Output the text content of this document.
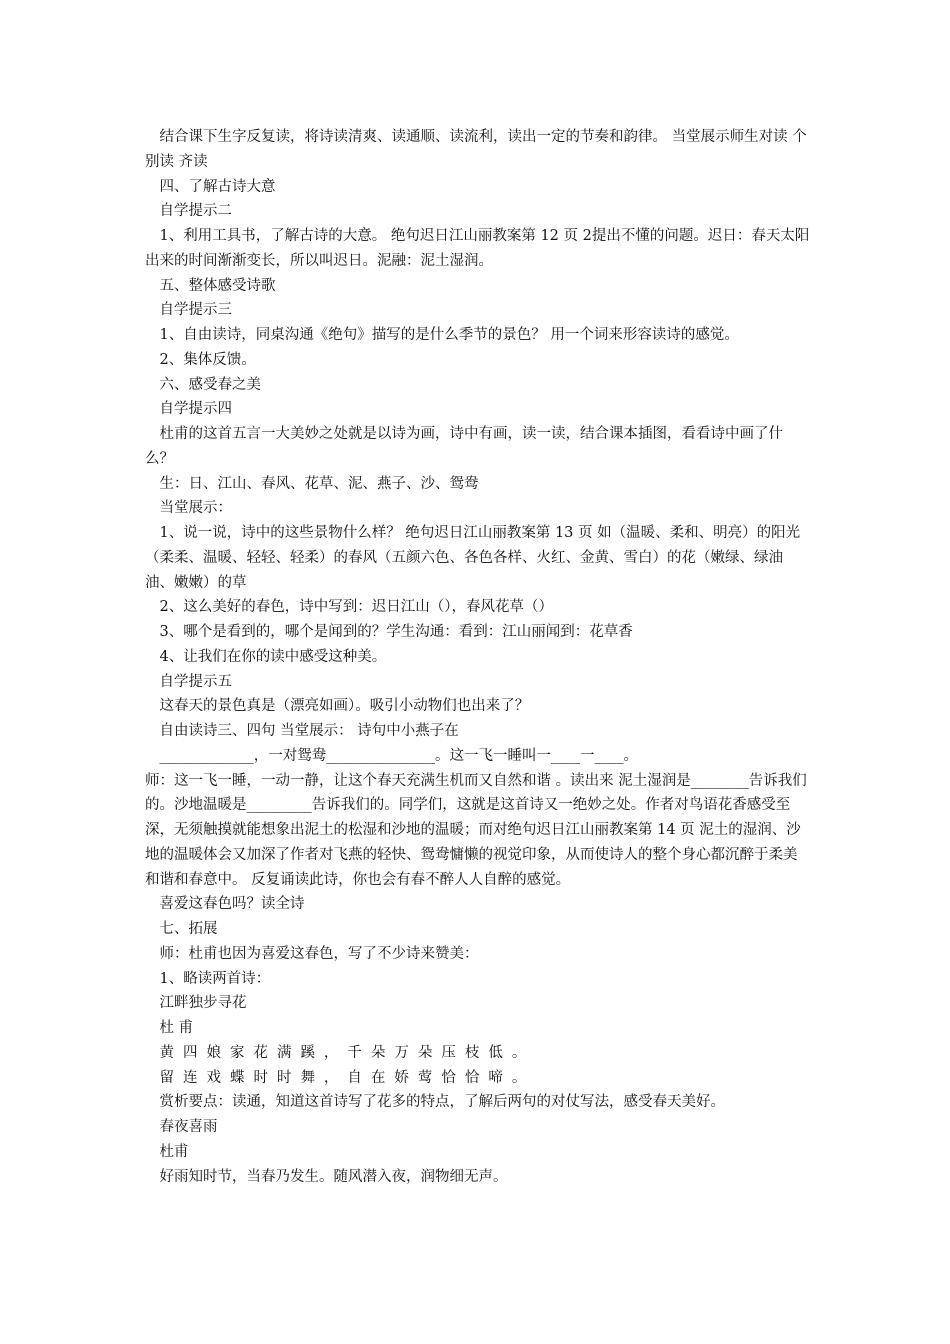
结合课下生字反复读，将诗读清爽、读通顺、读流利，读出一定的节奏和韵律。 当堂展示师生对读 个别读 齐读

四、了解古诗大意

自学提示二

1、利用工具书，了解古诗的大意。 绝句迟日江山丽教案第 12 页 2提出不懂的问题。迟日：春天太阳出来的时间渐渐变长，所以叫迟日。泥融：泥土湿润。

五、整体感受诗歌

自学提示三

1、自由读诗，同桌沟通《绝句》描写的是什么季节的景色？ 用一个词来形容读诗的感觉。

2、集体反馈。

六、感受春之美

自学提示四

杜甫的这首五言一大美妙之处就是以诗为画，诗中有画，读一读，结合课本插图，看看诗中画了什么？

生：日、江山、春风、花草、泥、燕子、沙、鸳鸯

当堂展示：

1、说一说，诗中的这些景物什么样？ 绝句迟日江山丽教案第 13 页 如（温暖、柔和、明亮）的阳光（柔柔、温暖、轻轻、轻柔）的春风（五颜六色、各色各样、火红、金黄、雪白）的花（嫩绿、绿油油、嫩嫩）的草

2、这么美好的春色，诗中写到：迟日江山（），春风花草（）

3、哪个是看到的，哪个是闻到的？学生沟通：看到：江山丽闻到：花草香

4、让我们在你的读中感受这种美。

自学提示五

这春天的景色真是（漂亮如画）。吸引小动物们也出来了？

自由读诗三、四句 当堂展示： 诗句中小燕子在

_____________，一对鸳鸯_______________。这一飞一睡叫一____一____。

师：这一飞一睡，一动一静，让这个春天充满生机而又自然和谐 。读出来 泥土湿润是________告诉我们的。沙地温暖是_________告诉我们的。同学们，这就是这首诗又一绝妙之处。作者对鸟语花香感受至深，无须触摸就能想象出泥土的松湿和沙地的温暖；而对绝句迟日江山丽教案第 14 页 泥土的湿润、沙地的温暖体会又加深了作者对飞燕的轻快、鸳鸯慵懒的视觉印象，从而使诗人的整个身心都沉醉于柔美和谐和春意中。 反复诵读此诗，你也会有春不醉人人自醉的感觉。

喜爱这春色吗？读全诗

七、拓展

师：杜甫也因为喜爱这春色，写了不少诗来赞美：

1、略读两首诗：

江畔独步寻花

杜 甫

黄四娘家花满蹊，千朵万朵压枝低。

留连戏蝶时时舞，自在娇莺恰恰啼。

赏析要点：读通，知道这首诗写了花多的特点，了解后两句的对仗写法，感受春天美好。

春夜喜雨

杜甫

好雨知时节，当春乃发生。随风潜入夜，润物细无声。
